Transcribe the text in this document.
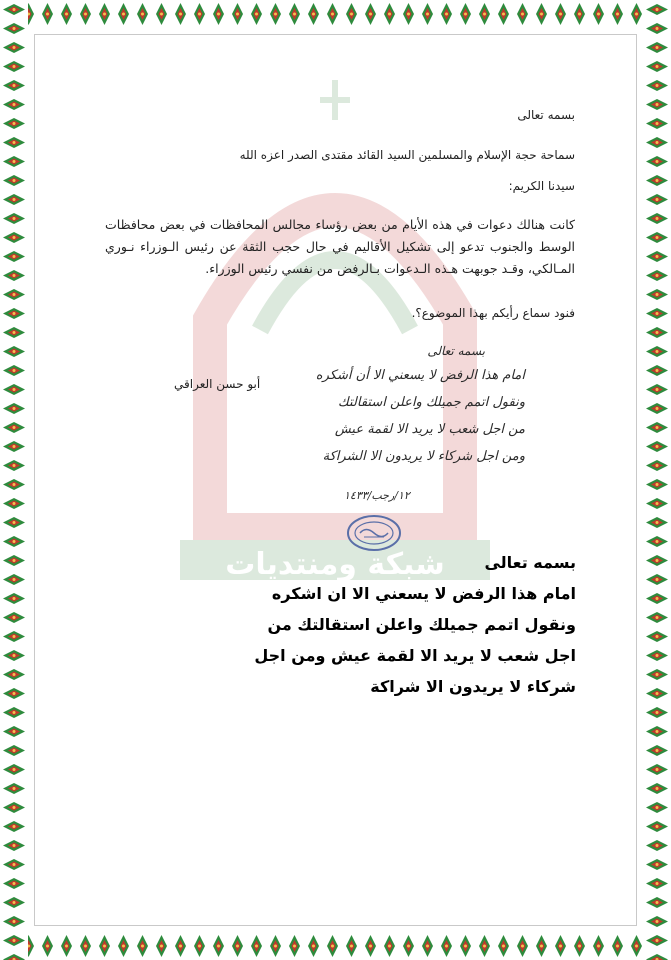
شبكة ومنتديات
بسمه تعالى
سماحة حجة الإسلام والمسلمين السيد القائد مقتدى الصدر اعزه الله
سيدنا الكريم:
كانت هنالك دعوات في هذه الأيام من بعض رؤساء مجالس المحافظات في بعض محافظات الوسط والجنوب تدعو إلى تشكيل الأقاليم في حال حجب الثقة عن رئيس الـوزراء نـوري المـالكي، وقـد جوبهت هـذه الـدعوات بـالرفض من نفسي رئيس الوزراء.
فنود سماع رأيكم بهذا الموضوع؟.
أبو حسن العراقي
بسمه تعالى
امام هذا الرفض لا يسعني الا أن أشكره
ونقول اتمم جميلك واعلن استقالتك
من اجل شعب لا يريد الا لقمة عيش
ومن اجل شركاء لا يريدون الا الشراكة
١٢/رجب/١٤٣٣
بسمه تعالى
امام هذا الرفض لا يسعني الا ان اشكره
ونقول اتمم جميلك واعلن استقالتك من
اجل شعب لا يريد الا لقمة عيش ومن اجل
شركاء لا يريدون الا شراكة
